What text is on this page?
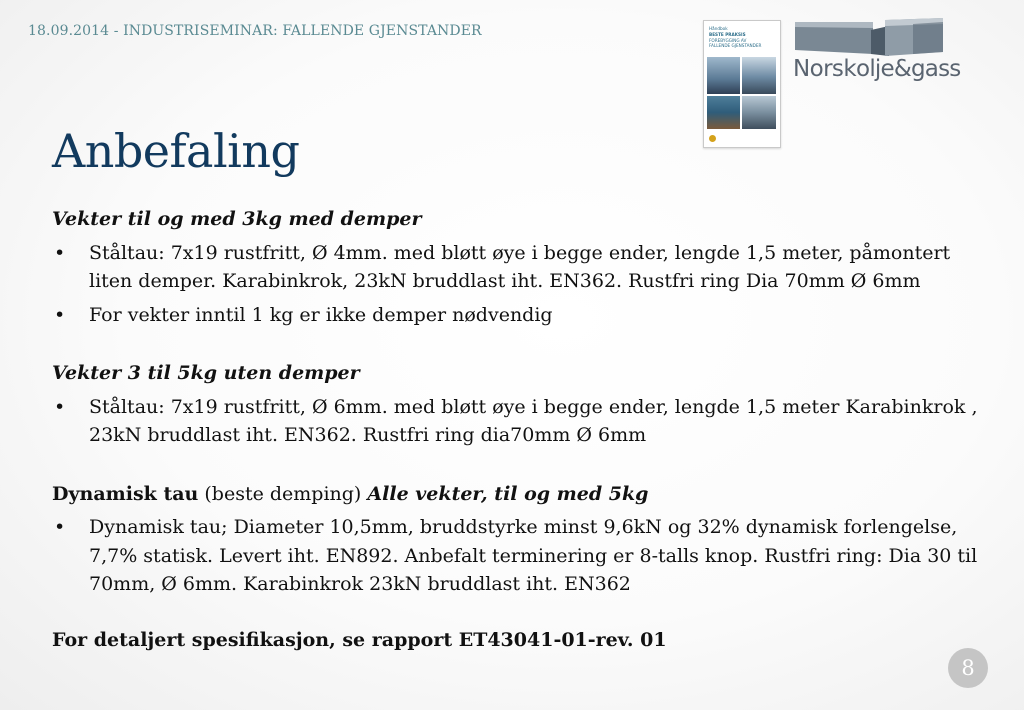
18.09.2014 - INDUSTRISEMINAR: FALLENDE GJENSTANDER	Håndbok
BESTE PRAKSIS
FOREBYGGING AV
FALLENDE GJENSTANDER
Norskolje&gass
Anbefaling

Vekter til og med 3kg med demper

• Ståltau: 7x19 rustfritt, Ø 4mm. med bløtt øye i begge ender, lengde 1,5 meter, påmontert liten demper. Karabinkrok, 23kN bruddlast iht. EN362. Rustfri ring Dia 70mm Ø 6mm
• For vekter inntil 1 kg er ikke demper nødvendig

Vekter 3 til 5kg uten demper

• Ståltau: 7x19 rustfritt, Ø 6mm. med bløtt øye i begge ender, lengde 1,5 meter Karabinkrok , 23kN bruddlast iht. EN362. Rustfri ring dia70mm Ø 6mm

Dynamisk tau (beste demping) Alle vekter, til og med 5kg

• Dynamisk tau; Diameter 10,5mm, bruddstyrke minst 9,6kN og 32% dynamisk forlengelse, 7,7% statisk. Levert iht. EN892. Anbefalt terminering er 8-talls knop. Rustfri ring: Dia 30 til 70mm, Ø 6mm. Karabinkrok 23kN bruddlast iht. EN362

For detaljert spesifikasjon, se rapport ET43041-01-rev. 01

8
